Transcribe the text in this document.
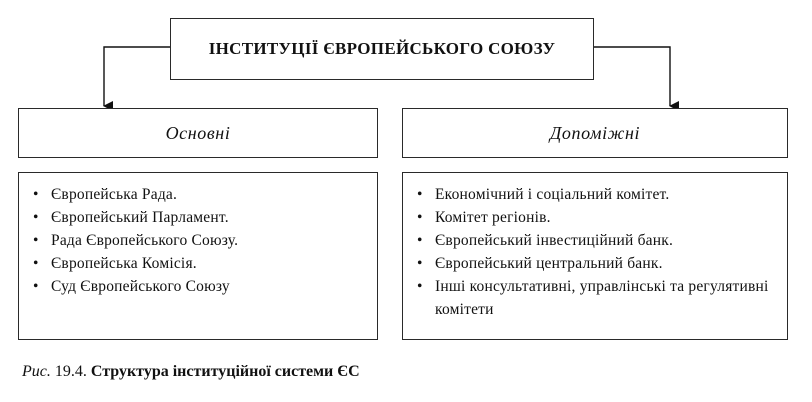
ІНСТИТУЦІЇ ЄВРОПЕЙСЬКОГО СОЮЗУ
Основні	Допоміжні
• Європейська Рада.
• Європейський Парламент.
• Рада Європейського Союзу.
• Європейська Комісія.
• Суд Європейського Союзу
• Економічний і соціальний комітет.
• Комітет регіонів.
• Європейський інвестиційний банк.
• Європейський центральний банк.
• Інші консультативні, управлінські та регулятивні комітети
Рис. 19.4. Структура інституційної системи ЄС
